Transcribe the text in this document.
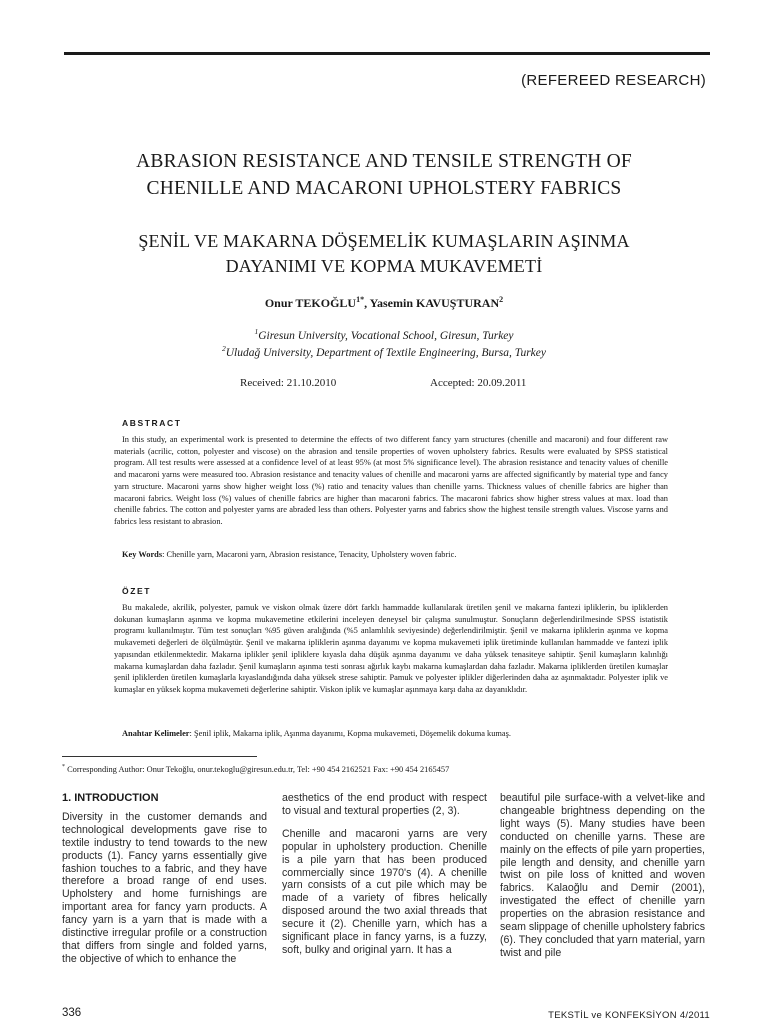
(REFEREED RESEARCH)
ABRASION RESISTANCE AND TENSILE STRENGTH OF
CHENILLE AND MACARONI UPHOLSTERY FABRICS
ŞENİL VE MAKARNA DÖŞEMELİK KUMAŞLARIN AŞINMA
DAYANIMI VE KOPMA MUKAVEMETİ
Onur $TEKOĞLU^{1*}$, Yasemin KAVUŞTURAN$^2$
$^1$Giresun University, Vocational School, Giresun, Turkey
$^2$Uludağ University, Department of Textile Engineering, Bursa, Turkey
Received: 21.10.2010	Accepted: 20.09.2011
ABSTRACT

In this study, an experimental work is presented to determine the effects of two different fancy yarn structures (chenille and macaroni) and four different raw materials (acrilic, cotton, polyester and viscose) on the abrasion and tensile properties of woven upholstery fabrics. Results were evaluated by SPSS statistical program. All test results were assessed at a confidence level of at least 95% (at most 5% significance level). The abrasion resistance and tenacity values of chenille and macaroni yarns were measured too. Abrasion resistance and tenacity values of chenille and macaroni yarns are affected significantly by material type and fancy yarn structure. Macaroni yarns show higher weight loss (%) ratio and tenacity values than chenille yarns. Thickness values of chenille fabrics are higher than macaroni fabrics. Weight loss (%) values of chenille fabrics are higher than macaroni fabrics. The macaroni fabrics show higher stress values at max. load than chenille fabrics. The cotton and polyester yarns are abraded less than others. Polyester yarns and fabrics show the highest tensile strength values. Viscose yarns and fabrics less resistant to abrasion.

Key Words: Chenille yarn, Macaroni yarn, Abrasion resistance, Tenacity, Upholstery woven fabric.
ÖZET

Bu makalede, akrilik, polyester, pamuk ve viskon olmak üzere dört farklı hammadde kullanılarak üretilen şenil ve makarna fantezi ipliklerin, bu ipliklerden dokunan kumaşların aşınma ve kopma mukavemetine etkilerini inceleyen deneysel bir çalışma sunulmuştur. Sonuçların değerlendirilmesinde SPSS istatistik programı kullanılmıştır. Tüm test sonuçları %95 güven aralığında (%5 anlamlılık seviyesinde) değerlendirilmiştir. Şenil ve makarna ipliklerin aşınma ve kopma mukavemeti değerleri de ölçülmüştür. Şenil ve makarna ipliklerin aşınma dayanımı ve kopma mukavemeti iplik üretiminde kullanılan hammadde ve fantezi iplik yapısından etkilenmektedir. Makarna iplikler şenil ipliklere kıyasla daha düşük aşınma dayanımı ve daha yüksek tenasiteye sahiptir. Şenil kumaşların kalınlığı makarna kumaşlardan daha fazladır. Şenil kumaşların aşınma testi sonrası ağırlık kaybı makarna kumaşlardan daha fazladır. Makarna ipliklerden üretilen kumaşlar şenil ipliklerden üretilen kumaşlarla kıyaslandığında daha yüksek strese sahiptir. Pamuk ve polyester iplikler diğerlerinden daha az aşınmaktadır. Polyester iplik ve kumaşlar en yüksek kopma mukavemeti değerlerine sahiptir. Viskon iplik ve kumaşlar aşınmaya karşı daha az dayanıklıdır.

Anahtar Kelimeler: Şenil iplik, Makarna iplik, Aşınma dayanımı, Kopma mukavemeti, Döşemelik dokuma kumaş.
* Corresponding Author: Onur Tekoğlu, onur.tekoglu@giresun.edu.tr, Tel: +90 454 2162521 Fax: +90 454 2165457
1. INTRODUCTION

Diversity in the customer demands and technological developments gave rise to textile industry to tend towards to the new products (1). Fancy yarns essentially give fashion touches to a fabric, and they have therefore a broad range of end uses. Upholstery and home furnishings are important area for fancy yarn products. A fancy yarn is a yarn that is made with a distinctive irregular profile or a construction that differs from single and folded yarns, the objective of which to enhance the

aesthetics of the end product with respect to visual and textural properties (2, 3).

Chenille and macaroni yarns are very popular in upholstery production. Chenille is a pile yarn that has been produced commercially since 1970's (4). A chenille yarn consists of a cut pile which may be made of a variety of fibres helically disposed around the two axial threads that secure it (2). Chenille yarn, which has a significant place in fancy yarns, is a fuzzy, soft, bulky and original yarn. It has a

beautiful pile surface-with a velvet-like and changeable brightness depending on the light ways (5). Many studies have been conducted on chenille yarns. These are mainly on the effects of pile yarn properties, pile length and density, and chenille yarn twist on pile loss of knitted and woven fabrics. Kalaoğlu and Demir (2001), investigated the effect of chenille yarn properties on the abrasion resistance and seam slippage of chenille upholstery fabrics (6). They concluded that yarn material, yarn twist and pile

336	TEKSTİL ve KONFEKSİYON 4/2011
